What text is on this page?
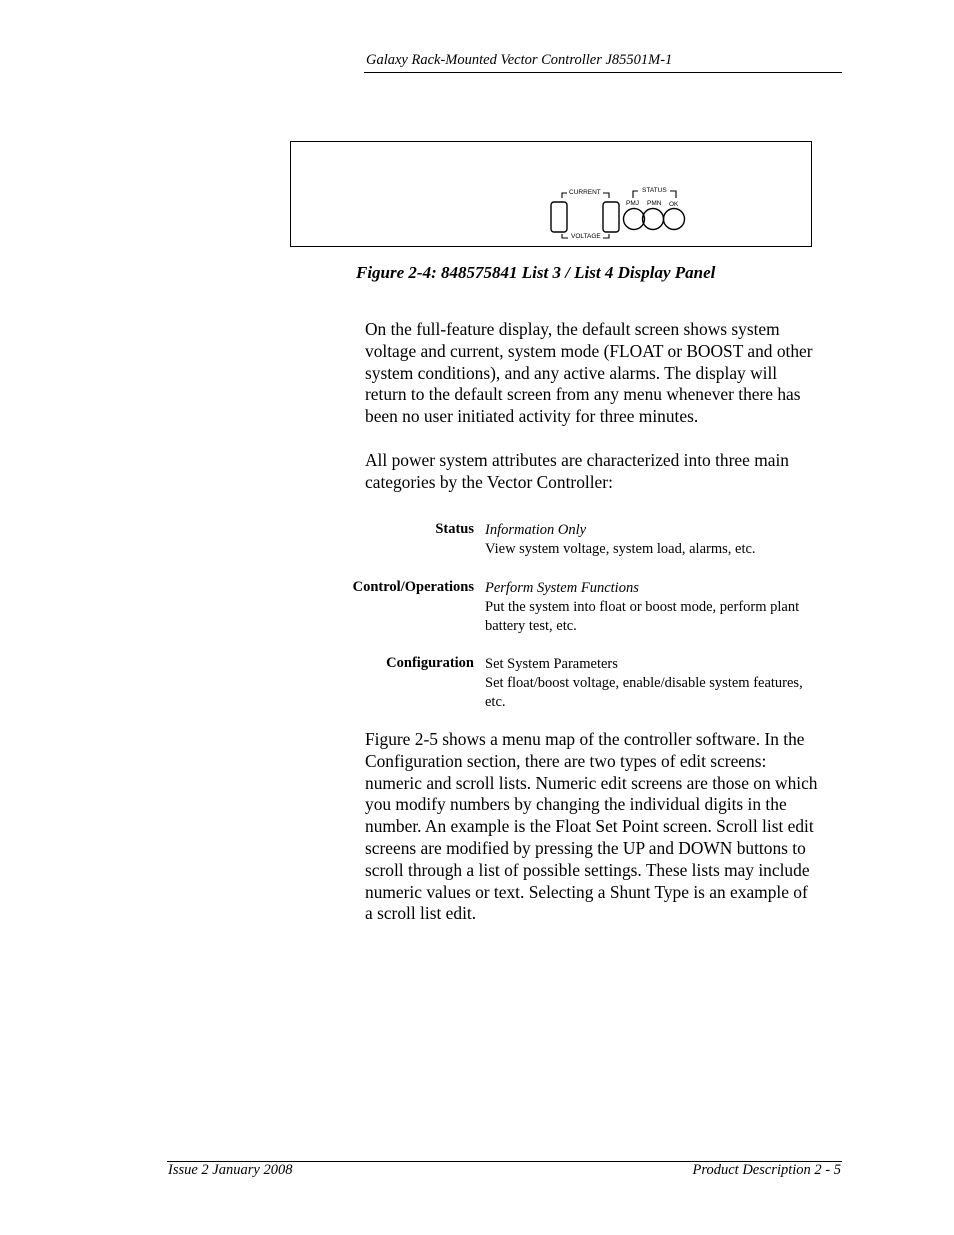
Galaxy Rack-Mounted Vector Controller J85501M-1
CURRENT
VOLTAGE
STATUS
PMJ PMN OK
Figure 2-4: 848575841 List 3 / List 4 Display Panel
On the full-feature display, the default screen shows system
voltage and current, system mode (FLOAT or BOOST and other
system conditions), and any active alarms. The display will
return to the default screen from any menu whenever there has
been no user initiated activity for three minutes.
All power system attributes are characterized into three main
categories by the Vector Controller:
Status Information Only
View system voltage, system load, alarms, etc.
Control/Operations Perform System Functions
Put the system into float or boost mode, perform plant
battery test, etc.
Configuration Set System Parameters
Set float/boost voltage, enable/disable system features,
etc.
Figure 2-5 shows a menu map of the controller software. In the
Configuration section, there are two types of edit screens:
numeric and scroll lists. Numeric edit screens are those on which
you modify numbers by changing the individual digits in the
number. An example is the Float Set Point screen. Scroll list edit
screens are modified by pressing the UP and DOWN buttons to
scroll through a list of possible settings. These lists may include
numeric values or text. Selecting a Shunt Type is an example of
a scroll list edit.
Issue 2 January 2008	Product Description 2 - 5
